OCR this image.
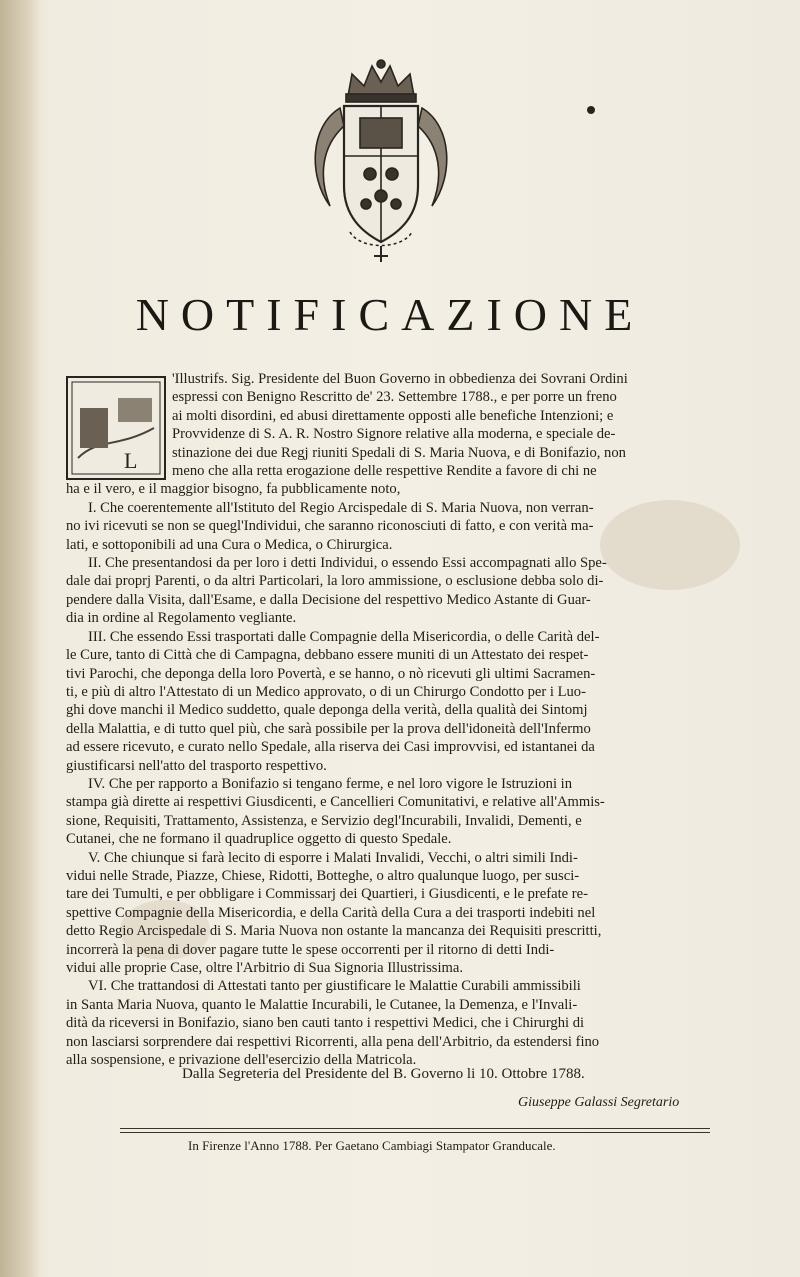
NOTIFICAZIONE
L
'Illustrifs. Sig. Presidente del Buon Governo in obbedienza dei Sovrani Ordini
espressi con Benigno Rescritto de' 23. Settembre 1788., e per porre un freno
ai molti disordini, ed abusi direttamente opposti alle benefiche Intenzioni; e
Provvidenze di S. A. R. Nostro Signore relative alla moderna, e speciale de-
stinazione dei due Regj riuniti Spedali di S. Maria Nuova, e di Bonifazio, non
meno che alla retta erogazione delle respettive Rendite a favore di chi ne
ha e il vero, e il maggior bisogno, fa pubblicamente noto,
I. Che coerentemente all'Istituto del Regio Arcispedale di S. Maria Nuova, non verran-
no ivi ricevuti se non se quegl'Individui, che saranno riconosciuti di fatto, e con verità ma-
lati, e sottoponibili ad una Cura o Medica, o Chirurgica.
II. Che presentandosi da per loro i detti Individui, o essendo Essi accompagnati allo Spe-
dale dai proprj Parenti, o da altri Particolari, la loro ammissione, o esclusione debba solo di-
pendere dalla Visita, dall'Esame, e dalla Decisione del respettivo Medico Astante di Guar-
dia in ordine al Regolamento vegliante.
III. Che essendo Essi trasportati dalle Compagnie della Misericordia, o delle Carità del-
le Cure, tanto di Città che di Campagna, debbano essere muniti di un Attestato dei respet-
tivi Parochi, che deponga della loro Povertà, e se hanno, o nò ricevuti gli ultimi Sacramen-
ti, e più di altro l'Attestato di un Medico approvato, o di un Chirurgo Condotto per i Luo-
ghi dove manchi il Medico suddetto, quale deponga della verità, della qualità dei Sintomj
della Malattia, e di tutto quel più, che sarà possibile per la prova dell'idoneità dell'Infermo
ad essere ricevuto, e curato nello Spedale, alla riserva dei Casi improvvisi, ed istantanei da
giustificarsi nell'atto del trasporto respettivo.
IV. Che per rapporto a Bonifazio si tengano ferme, e nel loro vigore le Istruzioni in
stampa già dirette ai respettivi Giusdicenti, e Cancellieri Comunitativi, e relative all'Ammis-
sione, Requisiti, Trattamento, Assistenza, e Servizio degl'Incurabili, Invalidi, Dementi, e
Cutanei, che ne formano il quadruplice oggetto di questo Spedale.
V. Che chiunque si farà lecito di esporre i Malati Invalidi, Vecchi, o altri simili Indi-
vidui nelle Strade, Piazze, Chiese, Ridotti, Botteghe, o altro qualunque luogo, per susci-
tare dei Tumulti, e per obbligare i Commissarj dei Quartieri, i Giusdicenti, e le prefate re-
spettive Compagnie della Misericordia, e della Carità della Cura a dei trasporti indebiti nel
detto Regio Arcispedale di S. Maria Nuova non ostante la mancanza dei Requisiti prescritti,
incorrerà la pena di dover pagare tutte le spese occorrenti per il ritorno di detti Indi-
vidui alle proprie Case, oltre l'Arbitrio di Sua Signoria Illustrissima.
VI. Che trattandosi di Attestati tanto per giustificare le Malattie Curabili ammissibili
in Santa Maria Nuova, quanto le Malattie Incurabili, le Cutanee, la Demenza, e l'Invali-
dità da riceversi in Bonifazio, siano ben cauti tanto i respettivi Medici, che i Chirurghi di
non lasciarsi sorprendere dai respettivi Ricorrenti, alla pena dell'Arbitrio, da estendersi fino
alla sospensione, e privazione dell'esercizio della Matricola.
Dalla Segreteria del Presidente del B. Governo li 10. Ottobre 1788.
Giuseppe Galassi Segretario
In Firenze l'Anno 1788. Per Gaetano Cambiagi Stampator Granducale.
